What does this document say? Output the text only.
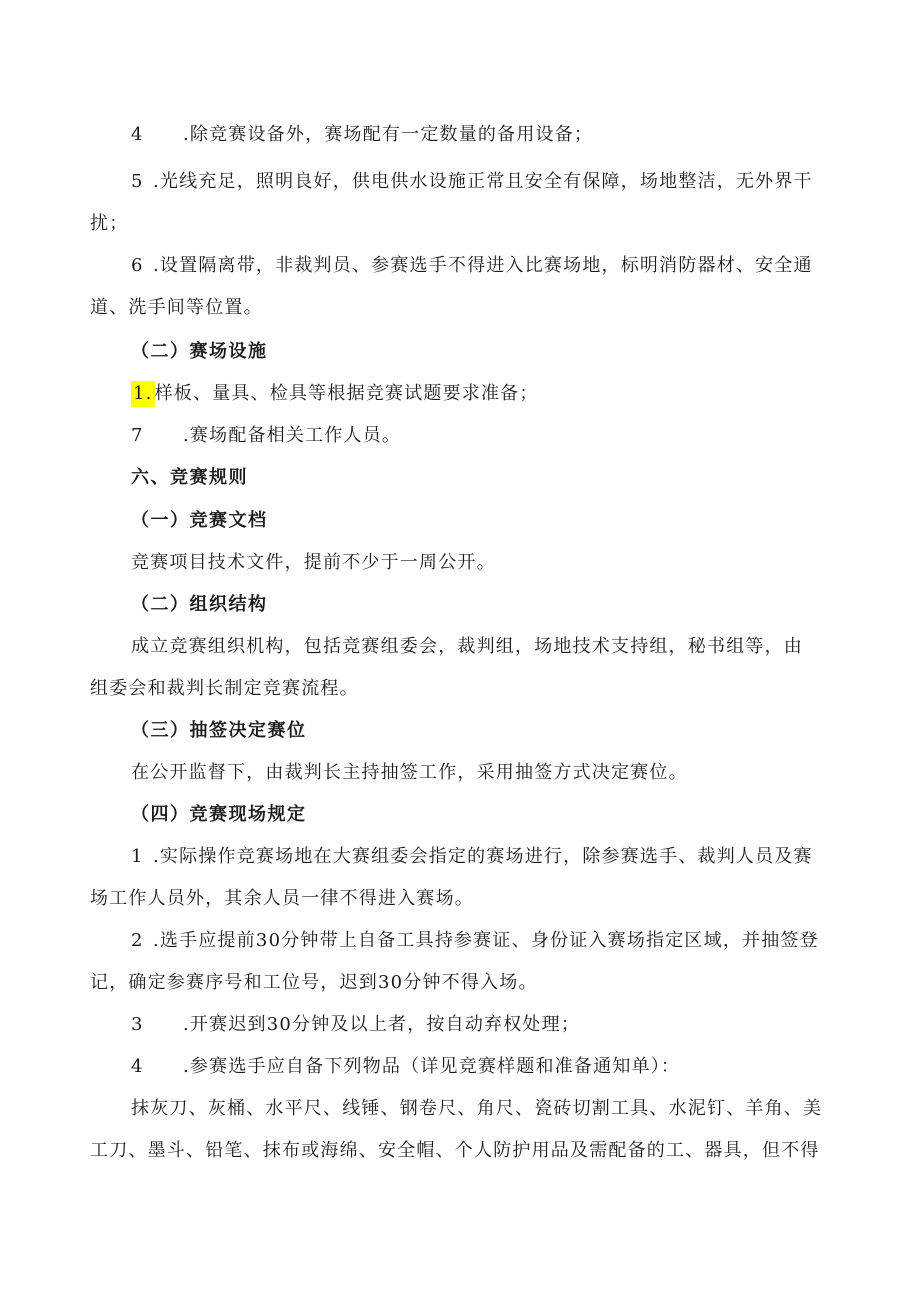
4 .除竞赛设备外，赛场配有一定数量的备用设备；
5 .光线充足，照明良好，供电供水设施正常且安全有保障，场地整洁，无外界干
扰；
6 .设置隔离带，非裁判员、参赛选手不得进入比赛场地，标明消防器材、安全通
道、洗手间等位置。
（二）赛场设施
1. 样板、量具、检具等根据竞赛试题要求准备；
7 .赛场配备相关工作人员。
六、竞赛规则
（一）竞赛文档
竞赛项目技术文件，提前不少于一周公开。
（二）组织结构
成立竞赛组织机构，包括竞赛组委会，裁判组，场地技术支持组，秘书组等，由
组委会和裁判长制定竞赛流程。
（三）抽签决定赛位
在公开监督下，由裁判长主持抽签工作，采用抽签方式决定赛位。
（四）竞赛现场规定
1 .实际操作竞赛场地在大赛组委会指定的赛场进行，除参赛选手、裁判人员及赛
场工作人员外，其余人员一律不得进入赛场。
2 .选手应提前30分钟带上自备工具持参赛证、身份证入赛场指定区域，并抽签登
记，确定参赛序号和工位号，迟到30分钟不得入场。
3 .开赛迟到30分钟及以上者，按自动弃权处理；
4 .参赛选手应自备下列物品（详见竞赛样题和准备通知单）：
抹灰刀、灰桶、水平尺、线锤、钢卷尺、角尺、瓷砖切割工具、水泥钉、羊角、美
工刀、墨斗、铅笔、抹布或海绵、安全帽、个人防护用品及需配备的工、器具，但不得
